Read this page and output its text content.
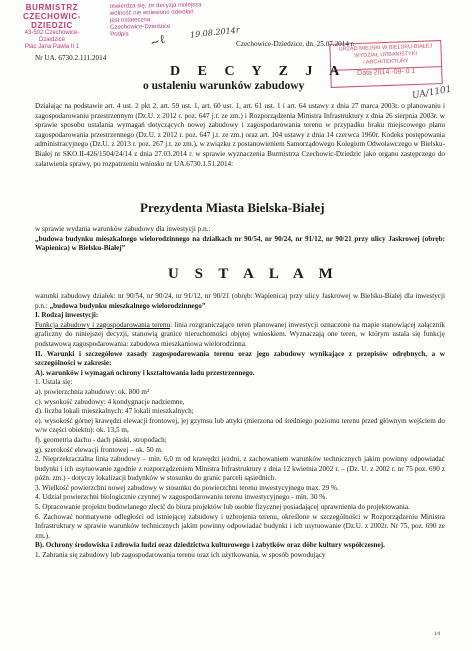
BURMISTRZ
CZECHOWIC-DZIEDZIC
43-502 Czechowice-Dziedzice
Plac Jana Pawła II 1
otwierdza się, że decyzja niniejsza
wolność nie wniesiono odwołań
jest ostateczna
Czechowice-Dziedzice
Podpis	19.08.2014r
~ℓ	URZĄD MIEJSKI W BIELSKU-BIAŁEJ
WYDZIAŁ URBANISTYKI
i ARCHITEKTURY
Data 2014 -09- 0 1
UA/1101
Nr UA. 6730.2.111.2014
Czechowice-Dziedzice, dn. 25.07.2014 r.
D E C Y Z J A
o ustaleniu warunków zabudowy

Działając na podstawie art. 4 ust. 2 pkt 2, art. 59 ust. 1, art. 60 ust. 1, art. 61 ust. 1 i art. 64 ustawy z dnia 27 marca 2003r. o planowaniu i zagospodarowaniu przestrzennym (Dz.U. z 2012 r. poz. 647 j.t. ze zm.) i Rozporządzenia Ministra Infrastruktury z dnia 26 sierpnia 2003r. w sprawie sposobu ustalania wymagań dotyczących nowej zabudowy i zagospodarowania terenu w przypadku braku miejscowego planu zagospodarowania przestrzennego (Dz.U. z 2012 r. poz. 647 j.t. ze zm.) oraz art. 104 ustawy z dnia 14 czerwca 1960r. Kodeks postępowania administracyjnego (Dz.U. z 2013 r. poz. 267 j.t. ze zm.), w związku z postanowieniem Samorządowego Kolegium Odwoławczego w Bielsku-Białej nr SKO.II-426/1504/24/14 z dnia 27.03.2014 r. w sprawie wyznaczenia Burmistrza Czechowic-Dziedzic jako organu zastępczego do załatwienia sprawy, po rozpatrzeniu wniosku nr UA.6730.1.51.2014:

Prezydenta Miasta Bielska-Białej

w sprawie wydania warunków zabudowy dla inwestycji p.n.:

„budowa budynku mieszkalnego wielorodzinnego na działkach nr 90/54, nr 90/24, nr 91/12, nr 90/21 przy ulicy Jaskrowej (obręb: Wapienica) w Bielsku-Białej”

U S T A L A M

warunki zabudowy działek: nr 90/54, nr 90/24, nr 91/12, nr 90/21 (obręb: Wapienica) przy ulicy Jaskrowej w Bielsku-Białej dla inwestycji p.n.: „budowa budynku mieszkalnego wielorodzinnego”

I. Rodzaj inwestycji:

Funkcja zabudowy i zagospodarowania terenu: linia rozgraniczające teren planowanej inwestycji oznaczone na mapie stanowiącej załącznik graficzny do niniejszej decyzji, stanowią granice nieruchomości objętej wnioskiem. Wyznaczają one teren, w którym ustala się funkcję podstawową zagospodarowania: zabudowa mieszkaniowa wielorodzinna.

II. Warunki i szczegółowe zasady zagospodarowania terenu oraz jego zabudowy wynikające z przepisów odrębnych, a w szczególności w zakresie:

A). warunków i wymagań ochrony i kształtowania ładu przestrzennego.

1. Ustala się:

a). powierzchnia zabudowy: ok. 800 m²

c). wysokość zabudowy: 4 kondygnacje nadziemne,

d). liczba lokali mieszkalnych: 47 lokali mieszkalnych;

e). wysokość górnej krawędzi elewacji frontowej, jej gzymsu lub attyki (mierzona od średniego poziomu terenu przed głównym wejściem do w/w części obiektu): ok. 13,5 m,

f). geometria dachu - dach płaski, stropodach;

g). szerokość elewacji frontowej – ok. 50 m.

2. Nieprzekraczalna linia zabudowy – min. 6,0 m od krawędzi jezdni, z zachowaniem warunków technicznych jakim powinny odpowiadać budynki i ich usytuowanie zgodnie z rozporządzeniem Ministra Infrastruktury z dnia 12 kwietnia 2002 r. – (Dz. U. z 2002 r. nr 75 poz. 690 z późn. zm.) - dotyczy lokalizacji budynków w stosunku do granic parceli sąsiednich.

3. Wielkość powierzchni nowej zabudowy w stosunku do powierzchni terenu inwestycyjnego max. 29 %.

4. Udział powierzchni biologicznie czynnej w zagospodarowaniu terenu inwestycyjnego - min. 30 %.

5. Opracowanie projektu budowlanego zlecić do biura projektów lub osobie fizycznej posiadającej uprawnienia do projektowania.

6. Zachować normatywne odległości od istniejącej zabudowy i uzbrojenia terenu, określone w szczególności w Rozporządzeniu Ministra Infrastruktury w sprawie warunków technicznych jakim powinny odpowiadać budynki i ich usytuowanie (Dz.U. z 2002r. Nr 75, poz. 690 ze zm.).

B). Ochrony środowiska i zdrowia ludzi oraz dziedzictwa kulturowego i zabytków oraz dóbr kultury współczesnej.

1. Zabrania się zabudowy lub zagospodarowania terenu oraz ich użytkowania, w sposób powodujący

1/4
